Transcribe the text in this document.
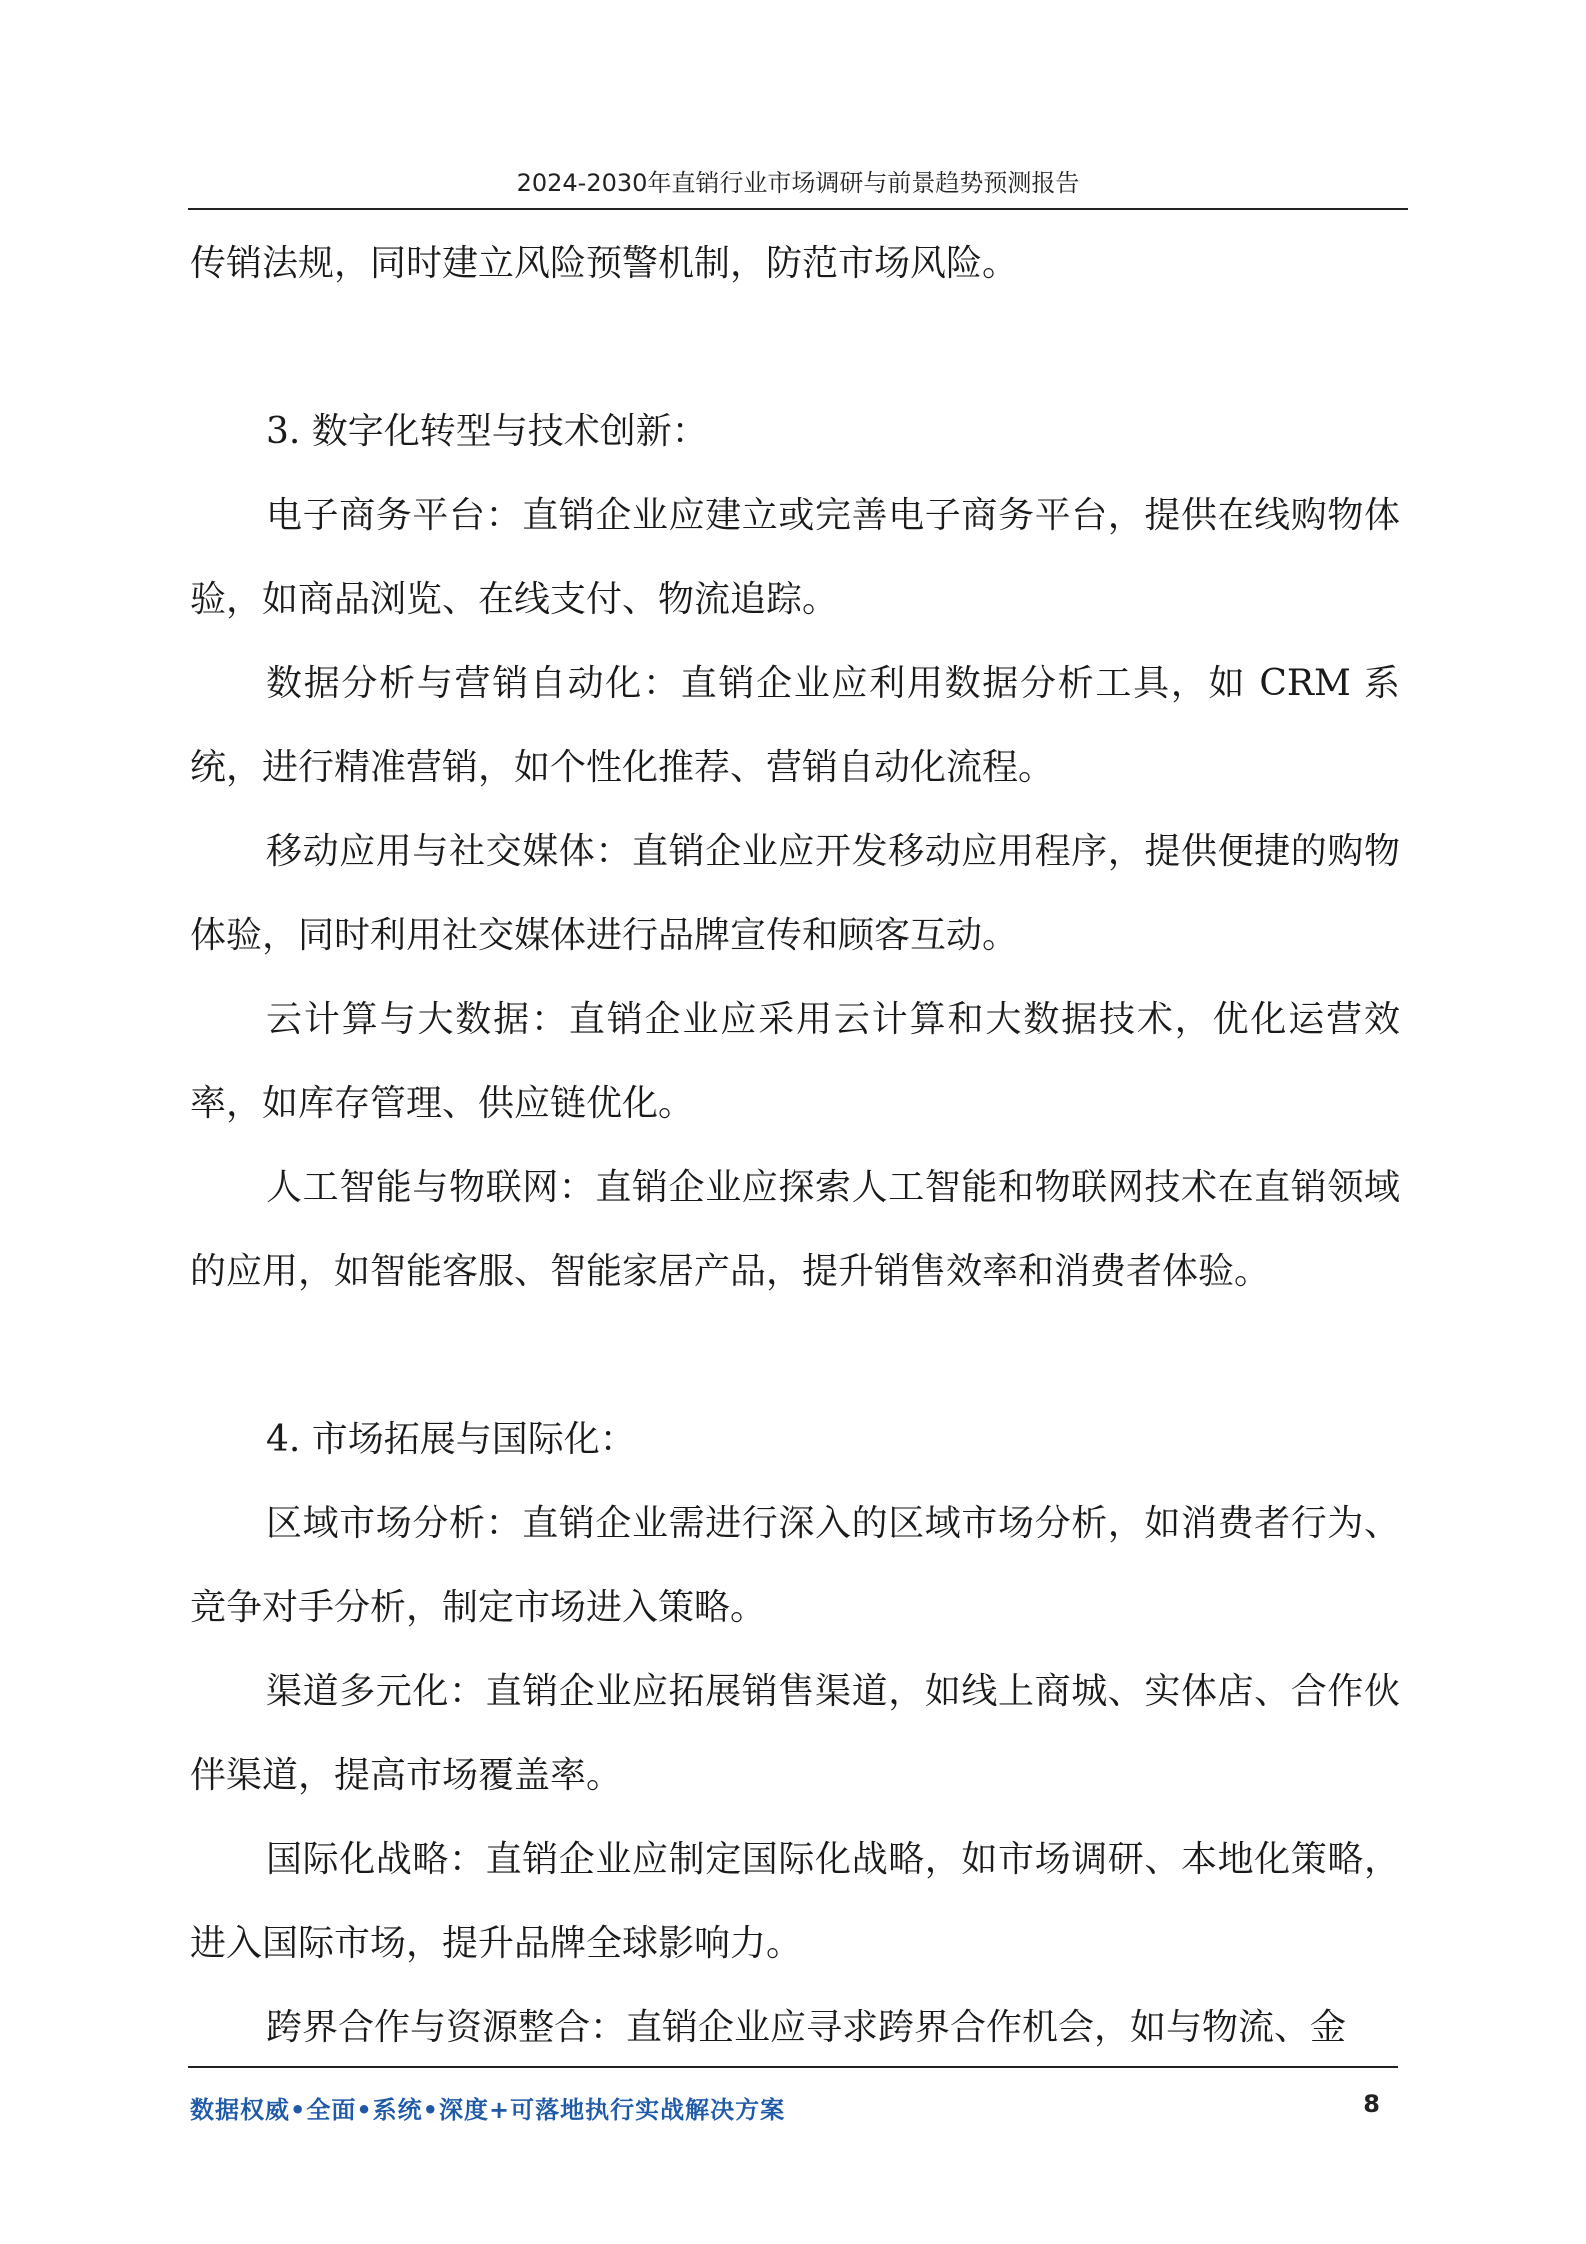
2024-2030年直销行业市场调研与前景趋势预测报告

传销法规，同时建立风险预警机制，防范市场风险。

3. 数字化转型与技术创新：

电子商务平台：直销企业应建立或完善电子商务平台，提供在线购物体验，如商品浏览、在线支付、物流追踪。

数据分析与营销自动化：直销企业应利用数据分析工具，如 CRM 系统，进行精准营销，如个性化推荐、营销自动化流程。

移动应用与社交媒体：直销企业应开发移动应用程序，提供便捷的购物体验，同时利用社交媒体进行品牌宣传和顾客互动。

云计算与大数据：直销企业应采用云计算和大数据技术，优化运营效率，如库存管理、供应链优化。

人工智能与物联网：直销企业应探索人工智能和物联网技术在直销领域的应用，如智能客服、智能家居产品，提升销售效率和消费者体验。

4. 市场拓展与国际化：

区域市场分析：直销企业需进行深入的区域市场分析，如消费者行为、竞争对手分析，制定市场进入策略。

渠道多元化：直销企业应拓展销售渠道，如线上商城、实体店、合作伙伴渠道，提高市场覆盖率。

国际化战略：直销企业应制定国际化战略，如市场调研、本地化策略，进入国际市场，提升品牌全球影响力。

跨界合作与资源整合：直销企业应寻求跨界合作机会，如与物流、金

数据权威•全面•系统•深度+可落地执行实战解决方案	8
